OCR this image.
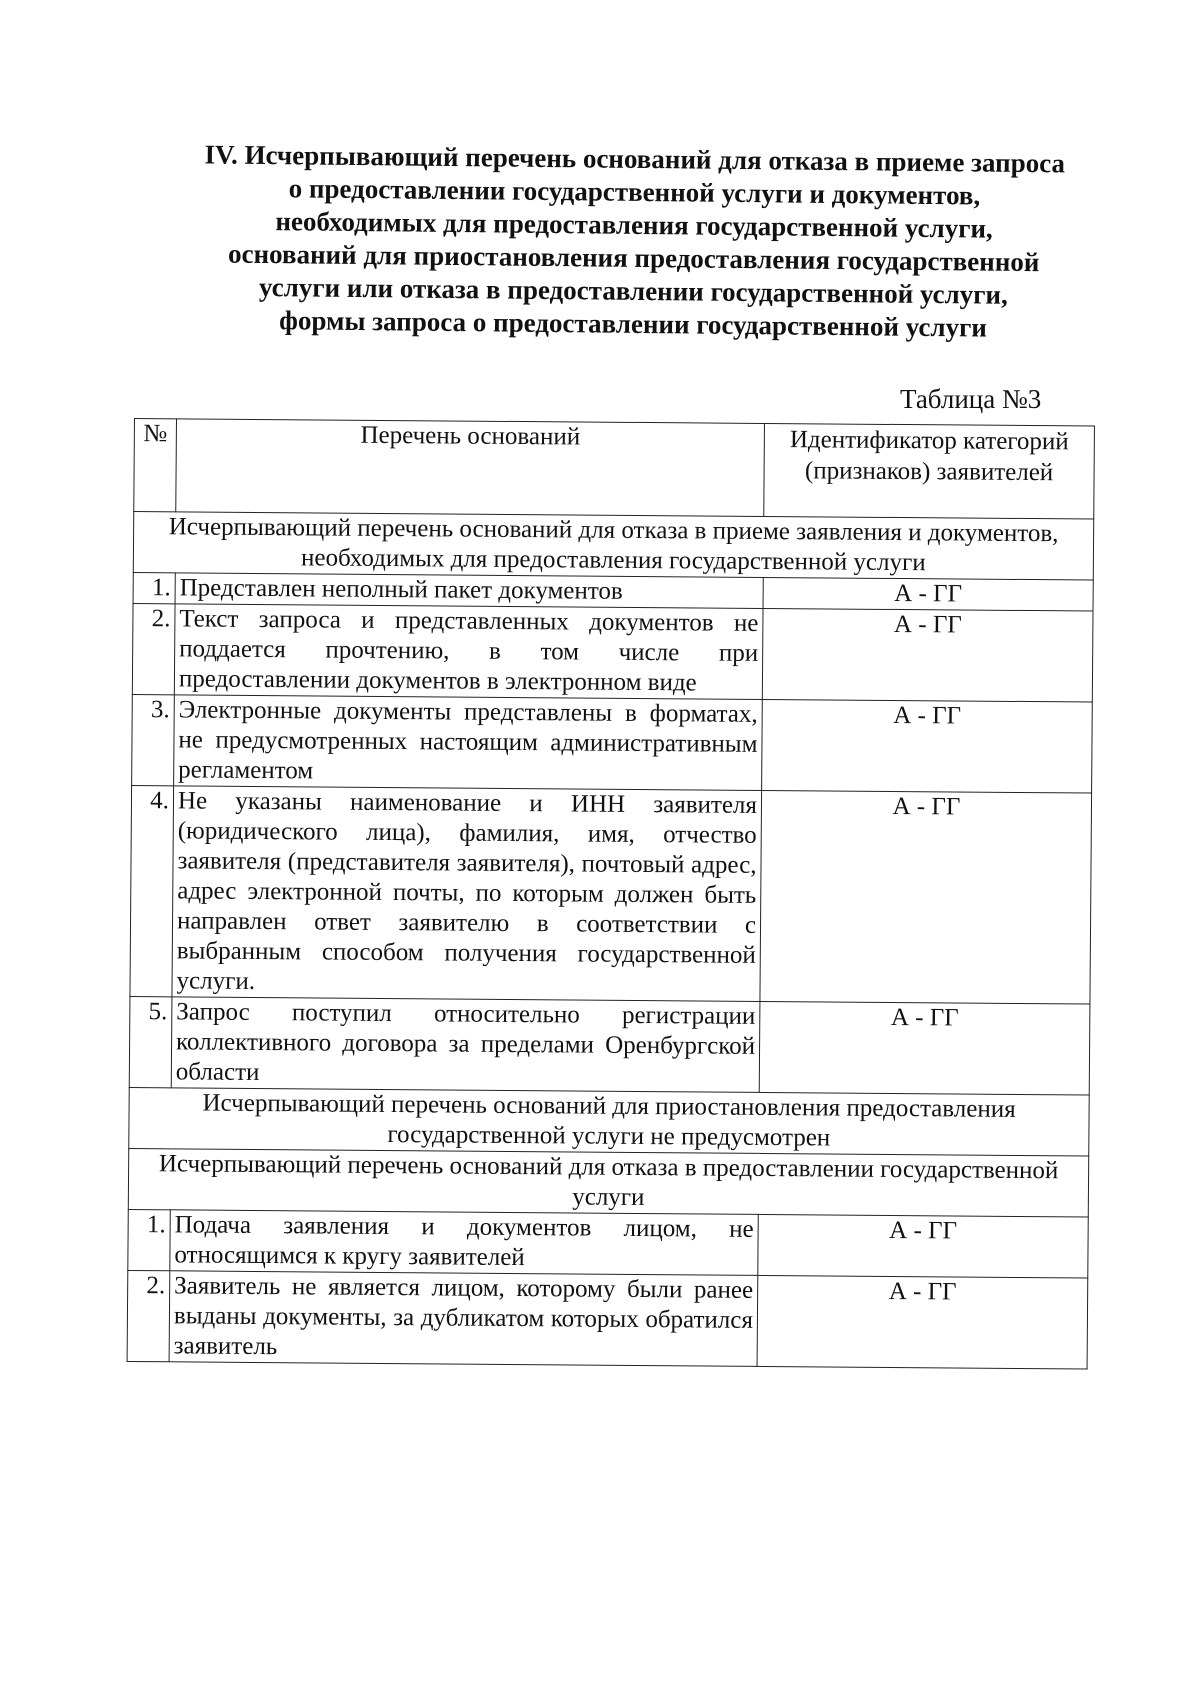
IV. Исчерпывающий перечень оснований для отказа в приеме запроса
о предоставлении государственной услуги и документов,
необходимых для предоставления государственной услуги,
оснований для приостановления предоставления государственной
услуги или отказа в предоставлении государственной услуги,
формы запроса о предоставлении государственной услуги
Таблица №3
№	Перечень оснований	Идентификатор категорий (признаков) заявителей
Исчерпывающий перечень оснований для отказа в приеме заявления и документов, необходимых для предоставления государственной услуги		
1.	Представлен неполный пакет документов	А - ГГ
2.	Текст запроса и представленных документов не поддается прочтению, в том числе при предоставлении документов в электронном виде	А - ГГ
3.	Электронные документы представлены в форматах, не предусмотренных настоящим административным регламентом	А - ГГ
4.	Не указаны наименование и ИНН заявителя (юридического лица), фамилия, имя, отчество заявителя (представителя заявителя), почтовый адрес, адрес электронной почты, по которым должен быть направлен ответ заявителю в соответствии с выбранным способом получения государственной услуги.	А - ГГ
5.	Запрос поступил относительно регистрации коллективного договора за пределами Оренбургской области	А - ГГ
Исчерпывающий перечень оснований для приостановления предоставления государственной услуги не предусмотрен		
Исчерпывающий перечень оснований для отказа в предоставлении государственной услуги		
1.	Подача заявления и документов лицом, не относящимся к кругу заявителей	А - ГГ
2.	Заявитель не является лицом, которому были ранее выданы документы, за дубликатом которых обратился заявитель	А - ГГ
